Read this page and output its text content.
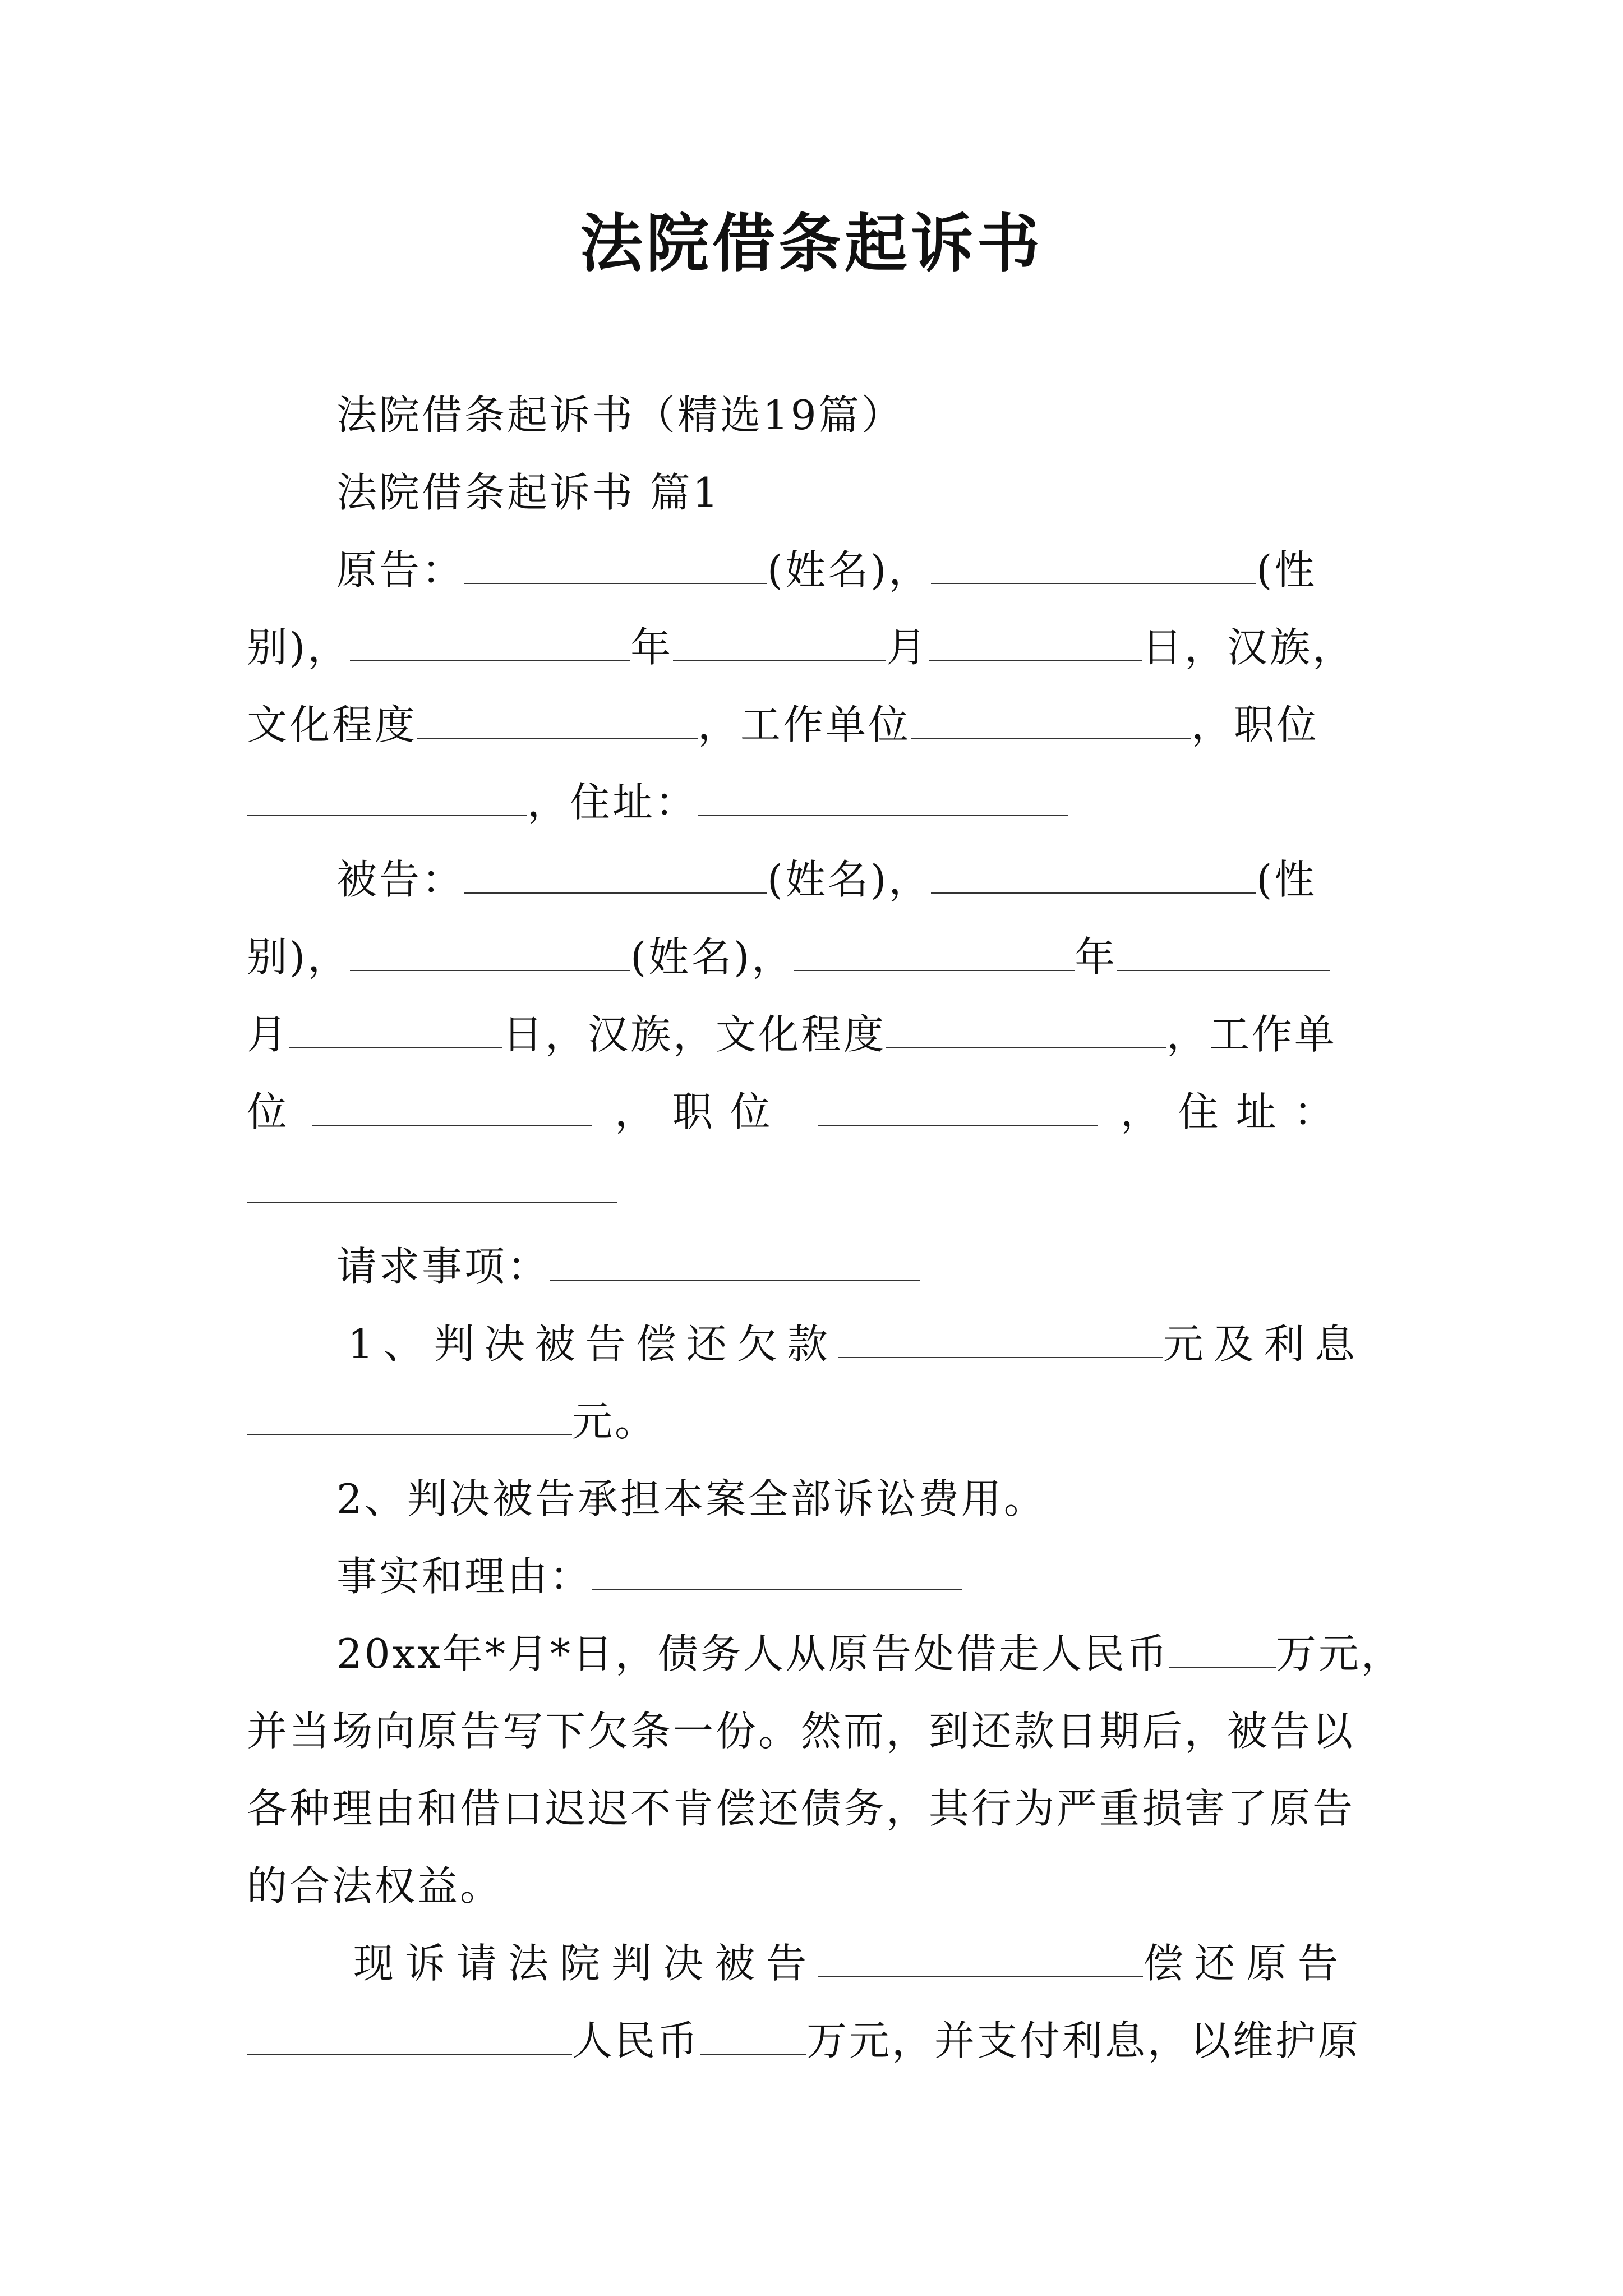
法院借条起诉书
法院借条起诉书（精选19篇）
法院借条起诉书 篇1
原告：	(姓名)，	(性
别)，	年	月	日，汉族，
文化程度	，工作单位	，职位
，住址：
被告：	(姓名)，	(性
别)，	(姓名)，	年
月	日，汉族，文化程度	，工作单
位	， 职 位	， 住 址 ：
请求事项：
1、判决被告偿还欠款	元及利息
元。
2、判决被告承担本案全部诉讼费用。
事实和理由：
20xx年*月*日，债务人从原告处借走人民币	万元，
并当场向原告写下欠条一份。然而，到还款日期后，被告以
各种理由和借口迟迟不肯偿还债务，其行为严重损害了原告
的合法权益。
现诉请法院判决被告	偿还原告
人民币	万元，并支付利息，以维护原
